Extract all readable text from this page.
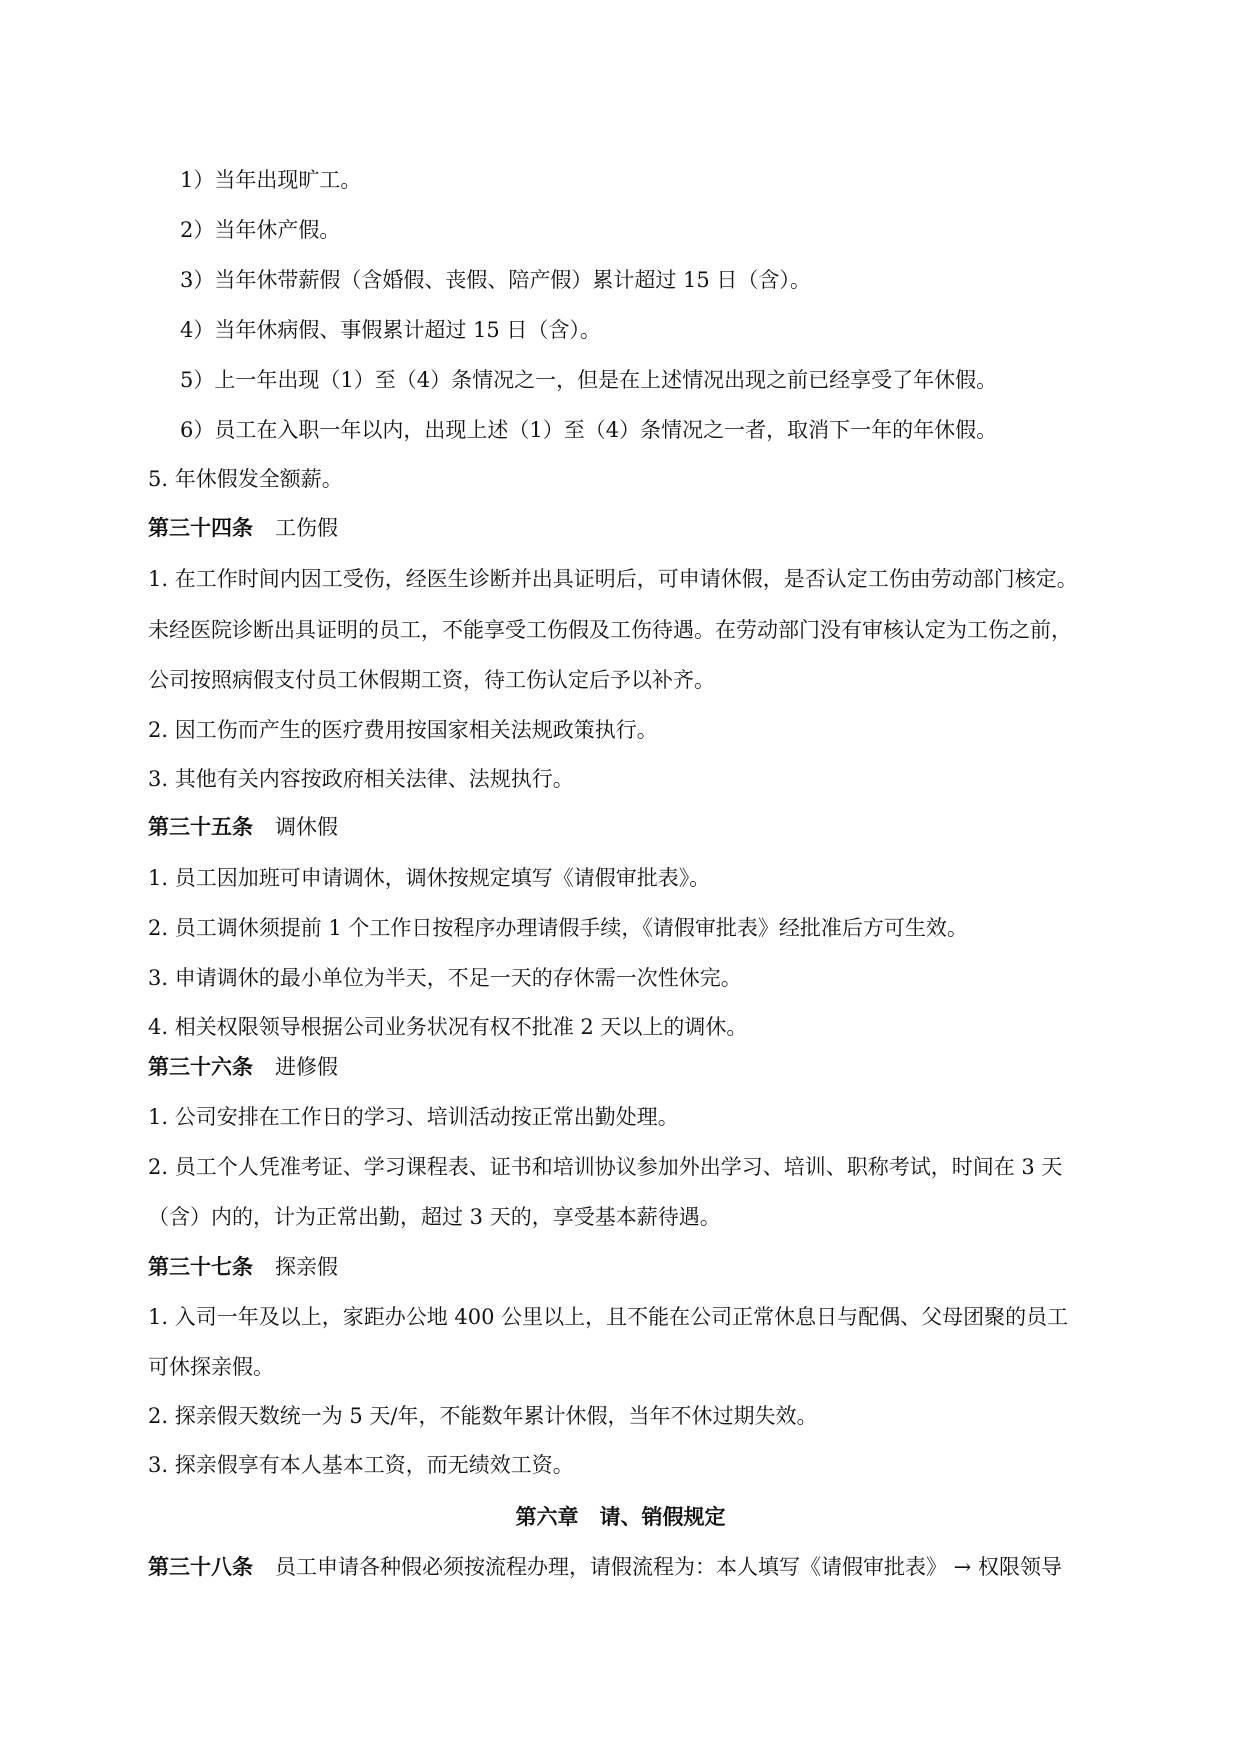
1）当年出现旷工。
2）当年休产假。
3）当年休带薪假（含婚假、丧假、陪产假）累计超过 15 日（含）。
4）当年休病假、事假累计超过 15 日（含）。
5）上一年出现（1）至（4）条情况之一，但是在上述情况出现之前已经享受了年休假。
6）员工在入职一年以内，出现上述（1）至（4）条情况之一者，取消下一年的年休假。
5. 年休假发全额薪。
第三十四条 工伤假
1. 在工作时间内因工受伤，经医生诊断并出具证明后，可申请休假，是否认定工伤由劳动部门核定。
未经医院诊断出具证明的员工，不能享受工伤假及工伤待遇。在劳动部门没有审核认定为工伤之前，
公司按照病假支付员工休假期工资，待工伤认定后予以补齐。
2. 因工伤而产生的医疗费用按国家相关法规政策执行。
3. 其他有关内容按政府相关法律、法规执行。
第三十五条 调休假
1. 员工因加班可申请调休，调休按规定填写《请假审批表》。
2. 员工调休须提前 1 个工作日按程序办理请假手续，《请假审批表》经批准后方可生效。
3. 申请调休的最小单位为半天，不足一天的存休需一次性休完。
4. 相关权限领导根据公司业务状况有权不批准 2 天以上的调休。
第三十六条 进修假
1. 公司安排在工作日的学习、培训活动按正常出勤处理。
2. 员工个人凭准考证、学习课程表、证书和培训协议参加外出学习、培训、职称考试，时间在 3 天
（含）内的，计为正常出勤，超过 3 天的，享受基本薪待遇。
第三十七条 探亲假
1. 入司一年及以上，家距办公地 400 公里以上，且不能在公司正常休息日与配偶、父母团聚的员工
可休探亲假。
2. 探亲假天数统一为 5 天/年，不能数年累计休假，当年不休过期失效。
3. 探亲假享有本人基本工资，而无绩效工资。
第六章　请、销假规定
第三十八条 员工申请各种假必须按流程办理，请假流程为：本人填写《请假审批表》 → 权限领导
